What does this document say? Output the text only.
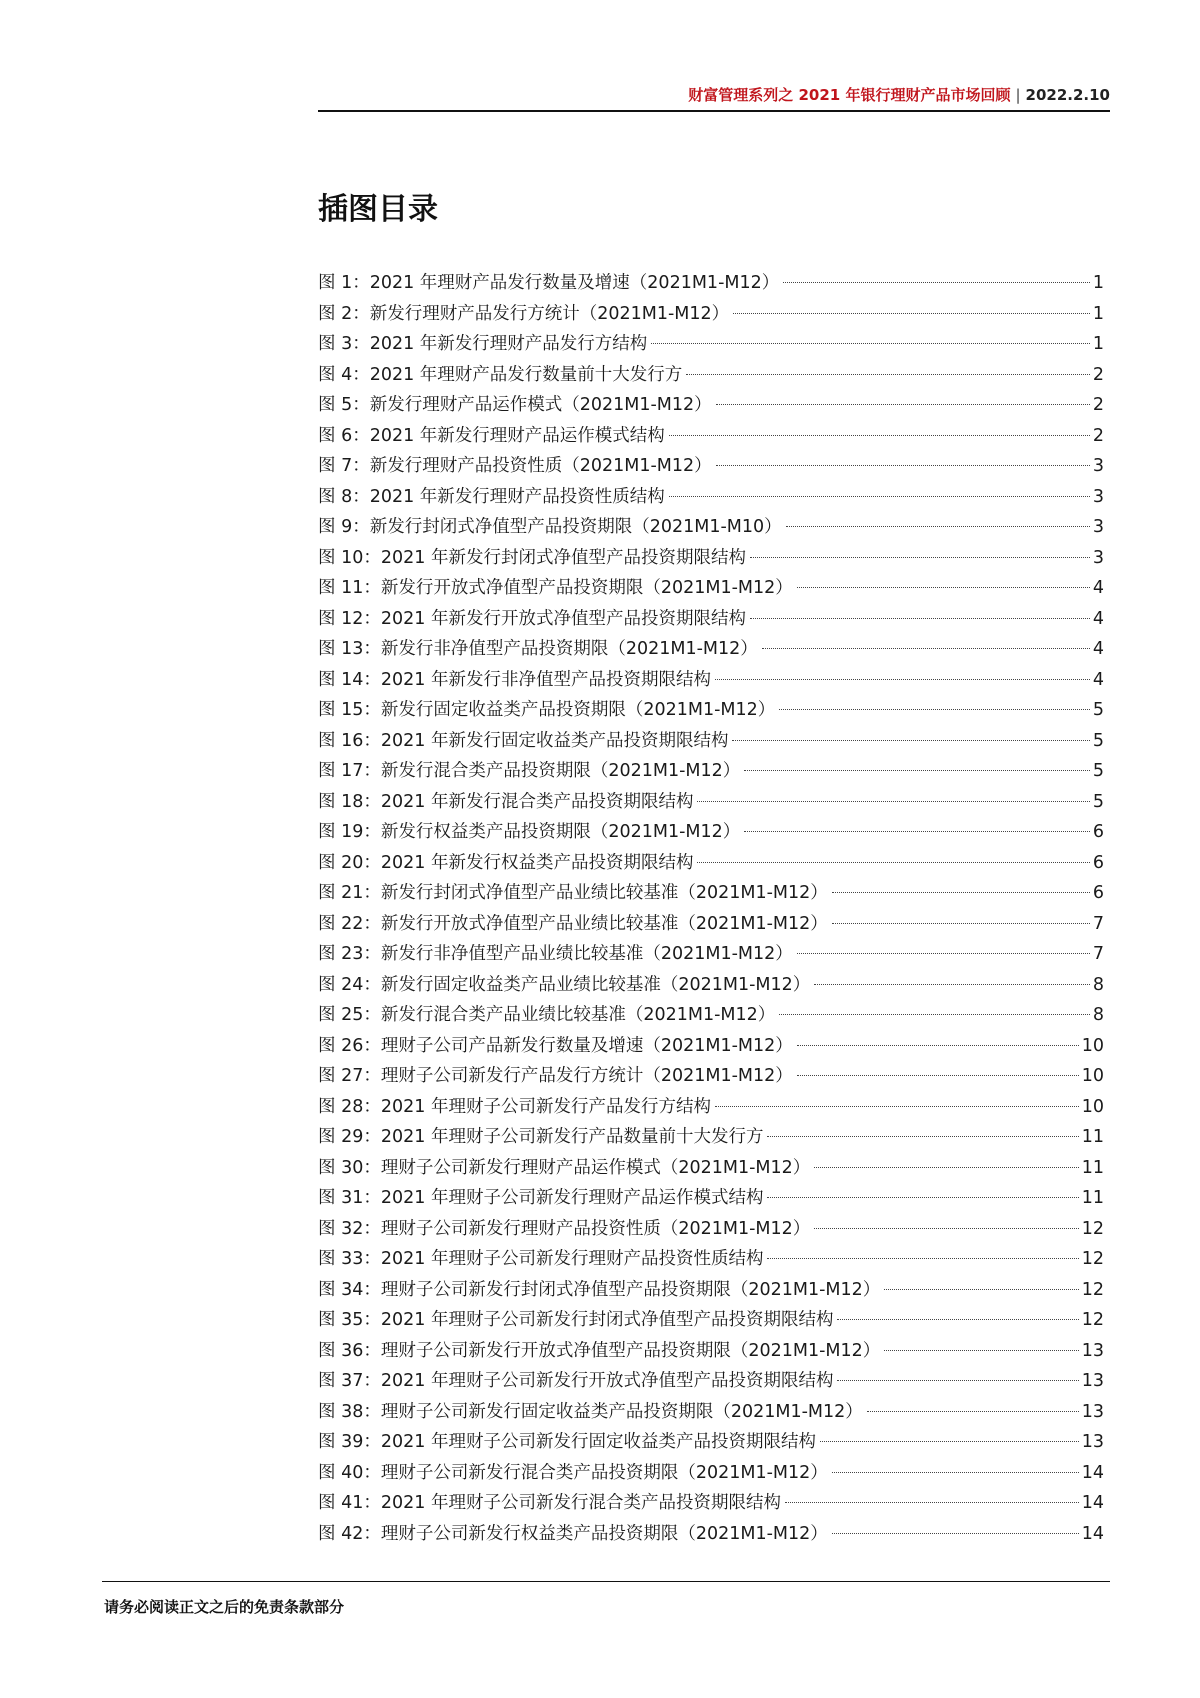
财富管理系列之 2021 年银行理财产品市场回顾 | 2022.2.10
插图目录
图 1： 2021 年理财产品发行数量及增速（2021M1-M12）	1
图 2： 新发行理财产品发行方统计（2021M1-M12）	1
图 3： 2021 年新发行理财产品发行方结构	1
图 4： 2021 年理财产品发行数量前十大发行方	2
图 5： 新发行理财产品运作模式（2021M1-M12）	2
图 6： 2021 年新发行理财产品运作模式结构	2
图 7： 新发行理财产品投资性质（2021M1-M12）	3
图 8： 2021 年新发行理财产品投资性质结构	3
图 9： 新发行封闭式净值型产品投资期限（2021M1-M10）	3
图 10： 2021 年新发行封闭式净值型产品投资期限结构	3
图 11： 新发行开放式净值型产品投资期限（2021M1-M12）	4
图 12： 2021 年新发行开放式净值型产品投资期限结构	4
图 13： 新发行非净值型产品投资期限（2021M1-M12）	4
图 14： 2021 年新发行非净值型产品投资期限结构	4
图 15： 新发行固定收益类产品投资期限（2021M1-M12）	5
图 16： 2021 年新发行固定收益类产品投资期限结构	5
图 17： 新发行混合类产品投资期限（2021M1-M12）	5
图 18： 2021 年新发行混合类产品投资期限结构	5
图 19： 新发行权益类产品投资期限（2021M1-M12）	6
图 20： 2021 年新发行权益类产品投资期限结构	6
图 21： 新发行封闭式净值型产品业绩比较基准（2021M1-M12）	6
图 22： 新发行开放式净值型产品业绩比较基准（2021M1-M12）	7
图 23： 新发行非净值型产品业绩比较基准（2021M1-M12）	7
图 24： 新发行固定收益类产品业绩比较基准（2021M1-M12）	8
图 25： 新发行混合类产品业绩比较基准（2021M1-M12）	8
图 26： 理财子公司产品新发行数量及增速（2021M1-M12）	10
图 27： 理财子公司新发行产品发行方统计（2021M1-M12）	10
图 28： 2021 年理财子公司新发行产品发行方结构	10
图 29： 2021 年理财子公司新发行产品数量前十大发行方	11
图 30： 理财子公司新发行理财产品运作模式（2021M1-M12）	11
图 31： 2021 年理财子公司新发行理财产品运作模式结构	11
图 32： 理财子公司新发行理财产品投资性质（2021M1-M12）	12
图 33： 2021 年理财子公司新发行理财产品投资性质结构	12
图 34： 理财子公司新发行封闭式净值型产品投资期限（2021M1-M12）	12
图 35： 2021 年理财子公司新发行封闭式净值型产品投资期限结构	12
图 36： 理财子公司新发行开放式净值型产品投资期限（2021M1-M12）	13
图 37： 2021 年理财子公司新发行开放式净值型产品投资期限结构	13
图 38： 理财子公司新发行固定收益类产品投资期限（2021M1-M12）	13
图 39： 2021 年理财子公司新发行固定收益类产品投资期限结构	13
图 40： 理财子公司新发行混合类产品投资期限（2021M1-M12）	14
图 41： 2021 年理财子公司新发行混合类产品投资期限结构	14
图 42： 理财子公司新发行权益类产品投资期限（2021M1-M12）	14
请务必阅读正文之后的免责条款部分
